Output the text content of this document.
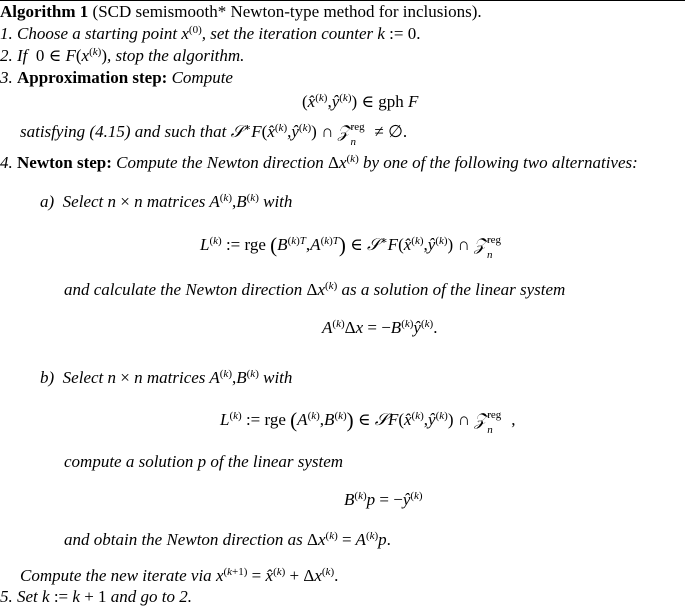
Algorithm 1 (SCD semismooth* Newton-type method for inclusions).
1. Choose a starting point $x^{(0)}$, set the iteration counter k := 0.
2. If 0 ∈ $F(x^{(k)})$, stop the algorithm.
3. Approximation step: Compute
$(x̂^{(k)},ŷ^{(k)})$ ∈ gph F
satisfying (4.15) and such that $𝒮^∗F(x̂^{(k)},ŷ^{(k)})$ ∩ 𝒵 reg
n
≠ ∅.
4. Newton step: Compute the Newton direction $\Delta x^{(k)}$ by one of the following two alternatives:
a) Select n × n matrices $A^{(k)},B^{(k)}$ with
$L^{(k)}$ := rge $(B^{(k)T},A^{(k)T})$ ∈ $𝒮^∗F(x̂^{(k)},ŷ^{(k)})$ ∩ 𝒵 reg
n
and calculate the Newton direction $\Delta x^{(k)}$ as a solution of the linear system
$A^{(k)}\Delta x$ = $-B^{(k)}ŷ^{(k)}$.
b) Select n × n matrices $A^{(k)},B^{(k)}$ with
$L^{(k)}$ := rge $(A^{(k)},B^{(k)})$ ∈ $𝒮F(x̂^{(k)},ŷ^{(k)})$ ∩ 𝒵 reg
n
,
compute a solution p of the linear system
$B^{(k)}p$ = $-ŷ^{(k)}$
and obtain the Newton direction as $\Delta x^{(k)} = A^{(k)}p$.
Compute the new iterate via $x^{(k+1)}$ = x̂$^{(k)}$ + $\Delta x^{(k)}$.
5. Set k := k + 1 and go to 2.
